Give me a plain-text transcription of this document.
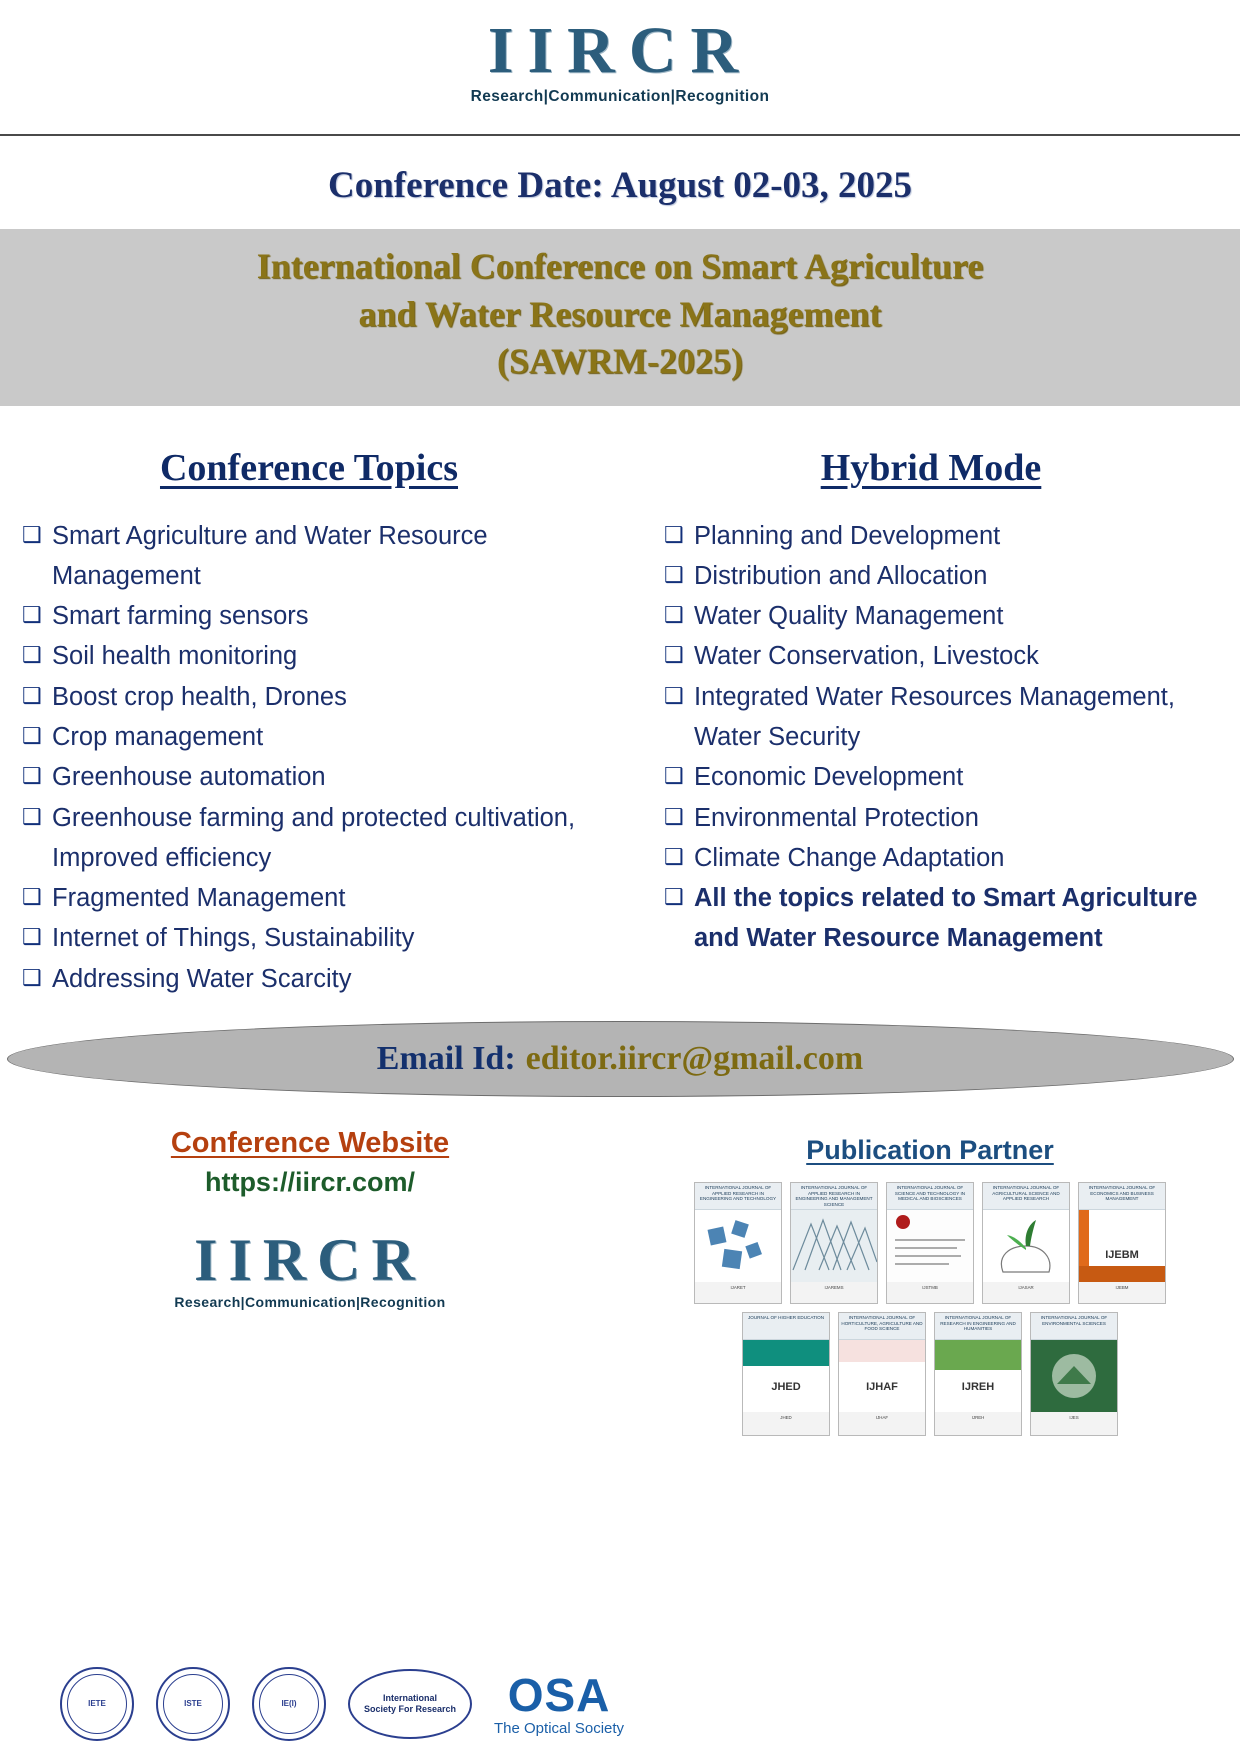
IIRCR
Research|Communication|Recognition
Conference Date: August 02-03, 2025
International Conference on Smart Agriculture
and Water Resource Management
(SAWRM-2025)
Conference Topics
❑
Smart Agriculture and Water Resource Management
❑
Smart farming sensors
❑
Soil health monitoring
❑
Boost crop health, Drones
❑
Crop management
❑
Greenhouse automation
❑
Greenhouse farming and protected cultivation, Improved efficiency
❑
Fragmented Management
❑
Internet of Things, Sustainability
❑
Addressing Water Scarcity
Hybrid Mode
❑
Planning and Development
❑
Distribution and Allocation
❑
Water Quality Management
❑
Water Conservation, Livestock
❑
Integrated Water Resources Management, Water Security
❑
Economic Development
❑
Environmental Protection
❑
Climate Change Adaptation
❑
All the topics related to Smart Agriculture and Water Resource Management
Email Id: editor.iircr@gmail.com
Conference Website
https://iircr.com/
IIRCR
Research|Communication|Recognition
Publication Partner
INTERNATIONAL JOURNAL OF APPLIED RESEARCH IN ENGINEERING AND TECHNOLOGY
IJARET
INTERNATIONAL JOURNAL OF APPLIED RESEARCH IN ENGINEERING AND MANAGEMENT SCIENCE
IJAREMS
INTERNATIONAL JOURNAL OF SCIENCE AND TECHNOLOGY IN MEDICAL AND BIOSCIENCES
IJSTMB
INTERNATIONAL JOURNAL OF AGRICULTURAL SCIENCE AND APPLIED RESEARCH
IJASAR
INTERNATIONAL JOURNAL OF ECONOMICS AND BUSINESS MANAGEMENT
IJEBM
IJEBM
JOURNAL OF HIGHER EDUCATION
JHED
JHED
INTERNATIONAL JOURNAL OF HORTICULTURE, AGRICULTURE AND FOOD SCIENCE
IJHAF
IJHAF
INTERNATIONAL JOURNAL OF RESEARCH IN ENGINEERING AND HUMANITIES
IJREH
IJREH
INTERNATIONAL JOURNAL OF ENVIRONMENTAL SCIENCES
IJES
IETE	ISTE	IE(I)	International
Society For Research OSA
The Optical Society
